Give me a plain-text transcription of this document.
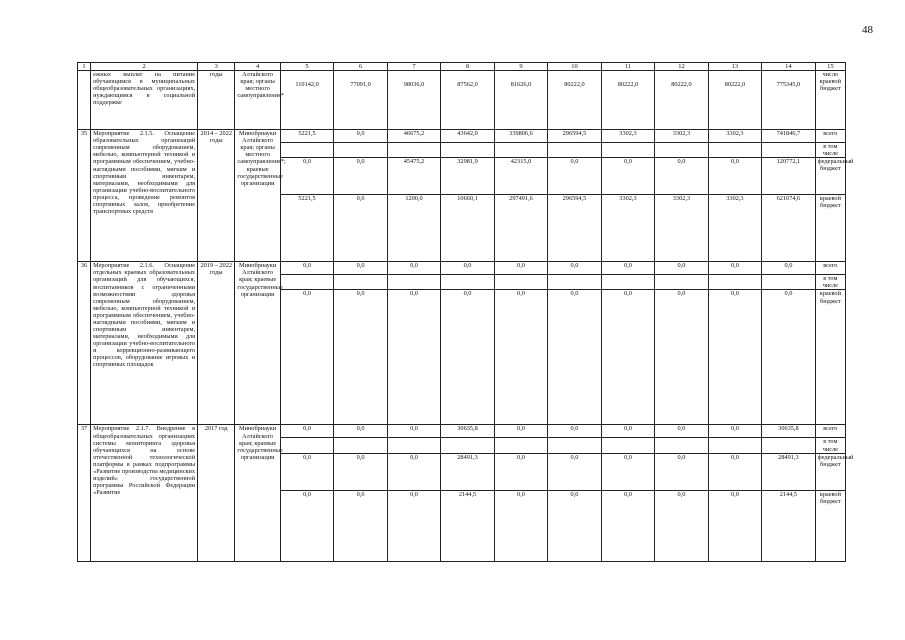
48
1	2	3	4	5	6	7	8	9	10	11	12	13	14	15
	ежных выплат на питание обучающимся в муниципальных общеобразовательных организациях, нуждающимся в социальной поддержке	годы	Алтайского края; органы местного самоуправления*	110142,0	77091,0	98036,0	87562,0	81626,0	80222,0	80222,0	80222,0	80222,0	775345,0	число
краевой бюджет

35	Мероприятие 2.1.5. Оснащение образовательных организаций современным оборудованием, мебелью, компьютерной техникой и программным обеспечением, учебно-наглядными пособиями, мягким и спортивным инвентарем, материалами, необходимыми для организации учебно-воспитательного процесса, проведение ремонтов спортивных залов, приобретение транспортных средств	2014 – 2022 годы	Минобрнауки Алтайского края; органы местного самоуправления*; краевые государственные организации	5221,5	0,0	46675,2	43642,0	339806,6	296594,5	3302,3	3302,3	3302,3	741846,7	всего
														в том числе
				0,0	0,0	45475,2	32981,9	42315,0	0,0	0,0	0,0	0,0	120772,1	федеральный бюджет
				5221,5	0,0	1200,0	10660,1	297491,6	296594,5	3302,3	3302,3	3302,3	621074,6	краевой бюджет
36	Мероприятие 2.1.6. Оснащение отдельных краевых образовательных организаций для обучающихся, воспитанников с ограниченными возможностями здоровья современным оборудованием, мебелью, компьютерной техникой и программным обеспечением, учебно-наглядными пособиями, мягким и спортивным инвентарем, материалами, необходимыми для организации учебно-воспитательного и коррекционно-развивающего процессов, оборудование игровых и спортивных площадок	2019 – 2022 годы	Минобрнауки Алтайского края; краевые государственные организации	0,0	0,0	0,0	0,0	0,0	0,0	0,0	0,0	0,0	0,0	всего
														в том числе
				0,0	0,0	0,0	0,0	0,0	0,0	0,0	0,0	0,0	0,0	краевой бюджет
37	Мероприятие 2.1.7. Внедрение в общеобразовательных организациях системы мониторинга здоровья обучающихся на основе отечественной технологической платформы в рамках подпрограммы «Развитие производства медицинских изделий» государственной программы Российской Федерации «Развитие	2017 год	Минобрнауки Алтайского края; краевые государственные организации	0,0	0,0	0,0	30635,8	0,0	0,0	0,0	0,0	0,0	30635,8	всего
														в том числе
				0,0	0,0	0,0	28491,3	0,0	0,0	0,0	0,0	0,0	28491,3	федеральный бюджет
				0,0	0,0	0,0	2144,5	0,0	0,0	0,0	0,0	0,0	2144,5	краевой бюджет
